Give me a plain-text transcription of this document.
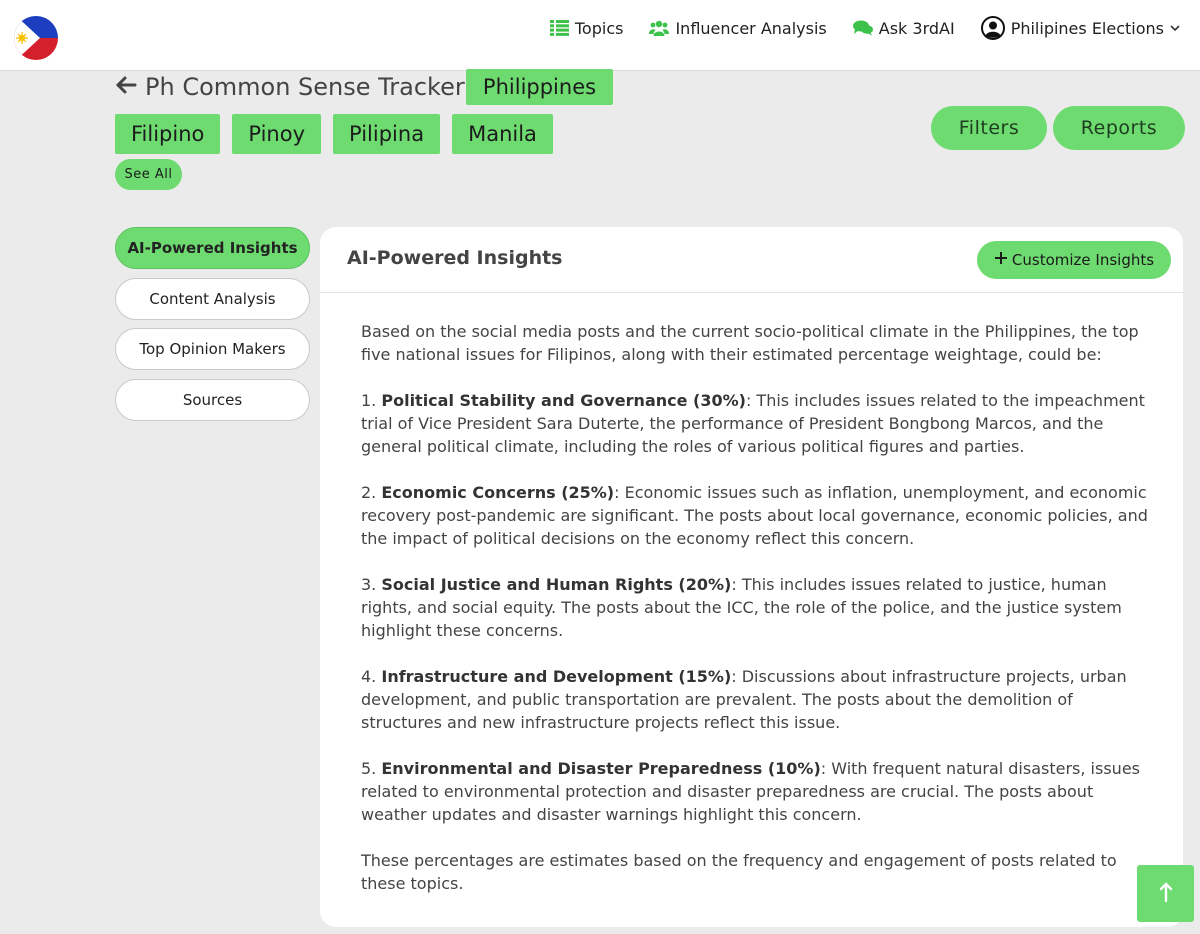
Topics	Influencer Analysis	Ask 3rdAI	Philipines Elections
Ph Common Sense Tracker Philippines
Filipino	Pinoy	Pilipina	Manila
See All
Filters	Reports
AI-Powered Insights
Content Analysis
Top Opinion Makers
Sources
AI-Powered Insights	Customize Insights

Based on the social media posts and the current socio-political climate in the Philippines, the top five national issues for Filipinos, along with their estimated percentage weightage, could be:

1. Political Stability and Governance (30%): This includes issues related to the impeachment trial of Vice President Sara Duterte, the performance of President Bongbong Marcos, and the general political climate, including the roles of various political figures and parties.

2. Economic Concerns (25%): Economic issues such as inflation, unemployment, and economic recovery post-pandemic are significant. The posts about local governance, economic policies, and the impact of political decisions on the economy reflect this concern.

3. Social Justice and Human Rights (20%): This includes issues related to justice, human rights, and social equity. The posts about the ICC, the role of the police, and the justice system highlight these concerns.

4. Infrastructure and Development (15%): Discussions about infrastructure projects, urban development, and public transportation are prevalent. The posts about the demolition of structures and new infrastructure projects reflect this issue.

5. Environmental and Disaster Preparedness (10%): With frequent natural disasters, issues related to environmental protection and disaster preparedness are crucial. The posts about weather updates and disaster warnings highlight this concern.

These percentages are estimates based on the frequency and engagement of posts related to these topics.
